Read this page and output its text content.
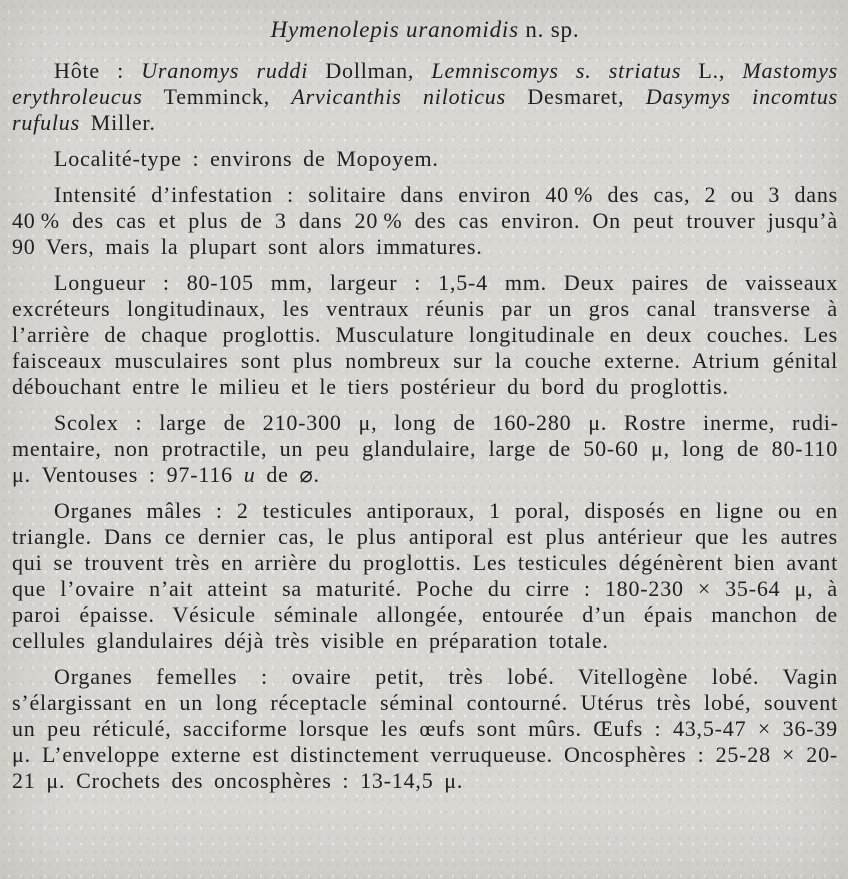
Hymenolepis uranomidis n. sp.

Hôte : Uranomys ruddi Dollman, Lemniscomys s. striatus L., Mastomys erythroleucus Temminck, Arvicanthis niloticus Desmaret, Dasymys incomtus rufulus Miller.

Localité-type : environs de Mopoyem.

Intensité d’infestation : solitaire dans environ 40 % des cas, 2 ou 3 dans 40 % des cas et plus de 3 dans 20 % des cas environ. On peut trouver jusqu’à 90 Vers, mais la plupart sont alors immatures.

Longueur : 80-105 mm, largeur : 1,5-4 mm. Deux paires de vaisseaux excréteurs longitudinaux, les ventraux réunis par un gros canal transverse à l’arrière de chaque proglottis. Musculature longitudinale en deux couches. Les faisceaux musculaires sont plus nombreux sur la couche externe. Atrium génital débouchant entre le milieu et le tiers postérieur du bord du proglottis.

Scolex : large de 210-300 μ, long de 160-280 μ. Rostre inerme, rudimentaire, non protractile, un peu glandulaire, large de 50-60 μ, long de 80-110 μ. Ventouses : 97-116 u de ⌀.

Organes mâles : 2 testicules antiporaux, 1 poral, disposés en ligne ou en triangle. Dans ce dernier cas, le plus antiporal est plus antérieur que les autres qui se trouvent très en arrière du proglottis. Les testicules dégénèrent bien avant que l’ovaire n’ait atteint sa maturité. Poche du cirre : 180-230 × 35-64 μ, à paroi épaisse. Vésicule séminale allongée, entourée d’un épais manchon de cellules glandulaires déjà très visible en préparation totale.

Organes femelles : ovaire petit, très lobé. Vitellogène lobé. Vagin s’élargissant en un long réceptacle séminal contourné. Utérus très lobé, souvent un peu réticulé, sacciforme lorsque les œufs sont mûrs. Œufs : 43,5-47 × 36-39 μ. L’enveloppe externe est distinctement verruqueuse. Oncosphères : 25-28 × 20-21 μ. Crochets des oncosphères : 13-14,5 μ.
